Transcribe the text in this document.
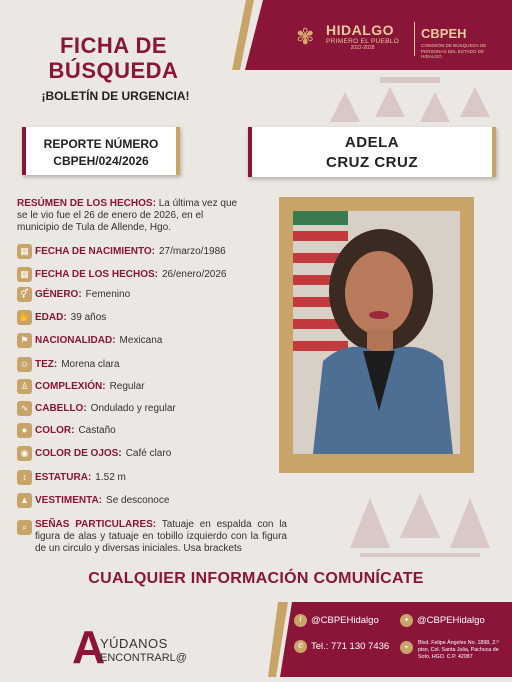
✾ HIDALGO
PRIMERO EL PUEBLO
2022-2028
CBPEH
COMISIÓN DE BÚSQUEDA DE PERSONAS DEL ESTADO DE HIDALGO
FICHA DE
BÚSQUEDA
¡BOLETÍN DE URGENCIA!
REPORTE NÚMERO
CBPEH/024/2026
ADELA
CRUZ CRUZ
RESÚMEN DE LOS HECHOS: La última vez que se le vio fue el 26 de enero de 2026, en el municipio de Tula de Allende, Hgo.
▦ FECHA DE NACIMIENTO: 27/marzo/1986
▦ FECHA DE LOS HECHOS: 26/enero/2026
⚥ GÉNERO: Femenino
✋ EDAD: 39 años
⚑ NACIONALIDAD: Mexicana
☺ TEZ: Morena clara
♙ COMPLEXIÓN: Regular
∿ CABELLO: Ondulado y regular
● COLOR: Castaño
◉ COLOR DE OJOS: Café claro
↕ ESTATURA: 1.52 m
▲ VESTIMENTA: Se desconoce
⌕ SEÑAS PARTICULARES: Tatuaje en espalda con la figura de alas y tatuaje en tobillo izquierdo con la figura de un circulo y diversas iniciales. Usa brackets
CUALQUIER INFORMACIÓN COMUNÍCATE
A
YÚDANOS
ENCONTRARL@
f	@CBPEHidalgo	✦ @CBPEHidalgo
✆ Tel.: 771 130 7436	⌖
Blvd. Felipe Ángeles No. 1898, 2.º piso, Col. Santa Julia, Pachuca de Soto, HGO. C.P. 42087
